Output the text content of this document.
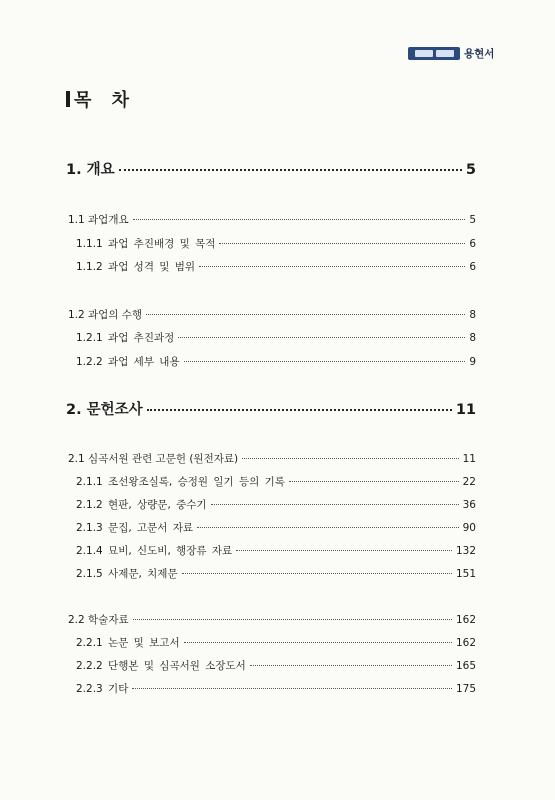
용현서
목 차
1. 개요	5
1.1 과업개요	5
1.1.1 과업 추진배경 및 목적	6
1.1.2 과업 성격 및 범위	6
1.2 과업의 수행	8
1.2.1 과업 추진과정	8
1.2.2 과업 세부 내용	9
2. 문헌조사	11
2.1 심곡서원 관련 고문헌 (원전자료)	11
2.1.1 조선왕조실록, 승정원 일기 등의 기록	22
2.1.2 현판, 상량문, 중수기	36
2.1.3 문집, 고문서 자료	90
2.1.4 묘비, 신도비, 행장류 자료	132
2.1.5 사제문, 치제문	151
2.2 학술자료	162
2.2.1 논문 및 보고서	162
2.2.2 단행본 및 심곡서원 소장도서	165
2.2.3 기타	175
